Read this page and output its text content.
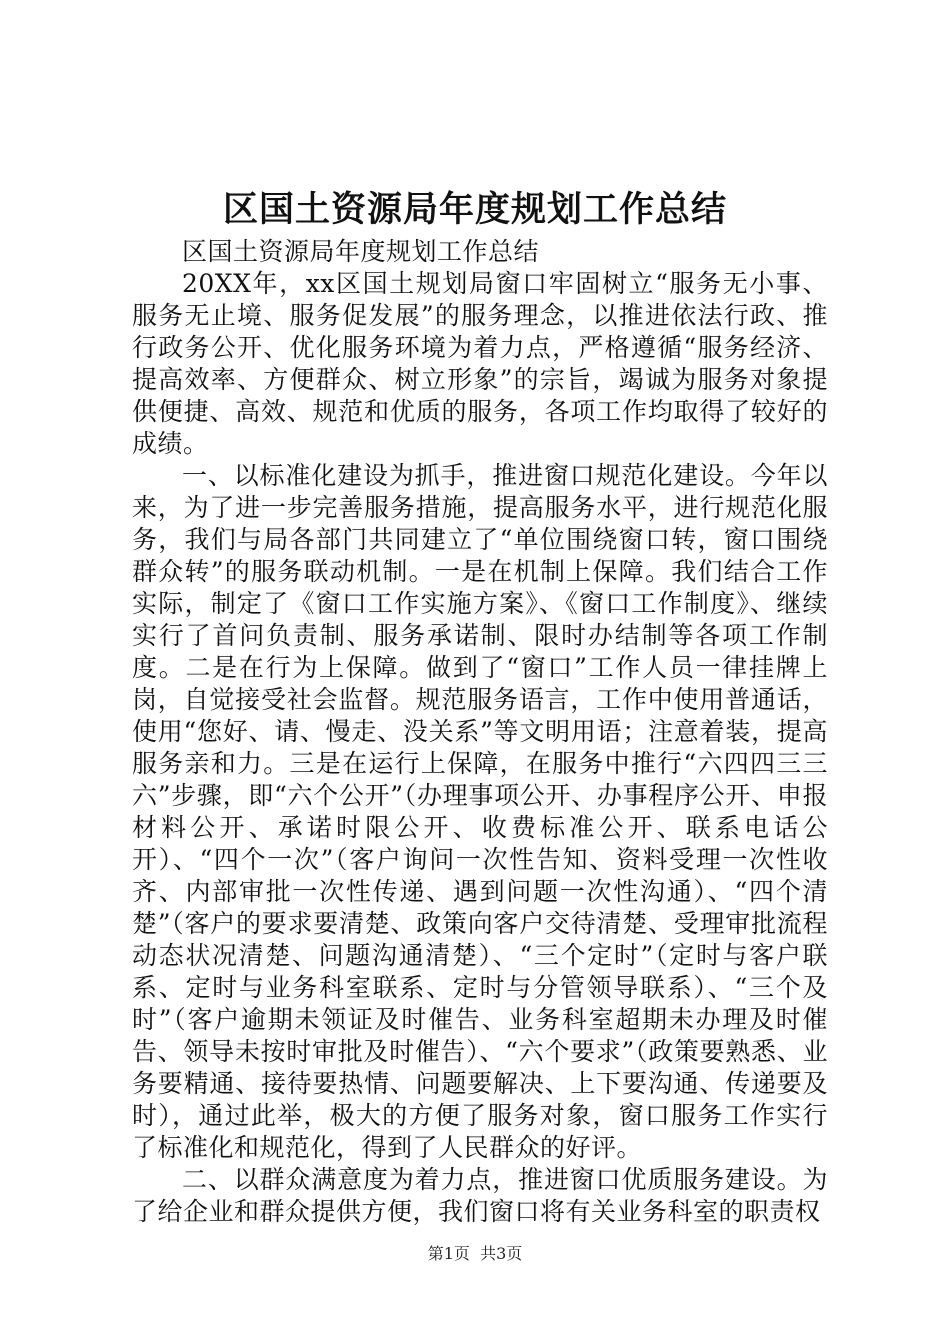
区国土资源局年度规划工作总结

区国土资源局年度规划工作总结

20XX年，xx区国土规划局窗口牢固树立“服务无小事、服务无止境、服务促发展”的服务理念，以推进依法行政、推行政务公开、优化服务环境为着力点，严格遵循“服务经济、提高效率、方便群众、树立形象”的宗旨，竭诚为服务对象提供便捷、高效、规范和优质的服务，各项工作均取得了较好的成绩。

一、以标准化建设为抓手，推进窗口规范化建设。今年以来，为了进一步完善服务措施，提高服务水平，进行规范化服务，我们与局各部门共同建立了“单位围绕窗口转，窗口围绕群众转”的服务联动机制。一是在机制上保障。我们结合工作实际，制定了《窗口工作实施方案》、《窗口工作制度》、继续实行了首问负责制、服务承诺制、限时办结制等各项工作制度。二是在行为上保障。做到了“窗口”工作人员一律挂牌上岗，自觉接受社会监督。规范服务语言，工作中使用普通话，使用“您好、请、慢走、没关系”等文明用语；注意着装，提高服务亲和力。三是在运行上保障，在服务中推行“六四四三三六”步骤，即“六个公开”（办理事项公开、办事程序公开、申报材料公开、承诺时限公开、收费标准公开、联系电话公开）、“四个一次”（客户询问一次性告知、资料受理一次性收齐、内部审批一次性传递、遇到问题一次性沟通）、“四个清楚”（客户的要求要清楚、政策向客户交待清楚、受理审批流程动态状况清楚、问题沟通清楚）、“三个定时”（定时与客户联系、定时与业务科室联系、定时与分管领导联系）、“三个及时”（客户逾期未领证及时催告、业务科室超期未办理及时催告、领导未按时审批及时催告）、“六个要求”（政策要熟悉、业务要精通、接待要热情、问题要解决、上下要沟通、传递要及时），通过此举，极大的方便了服务对象，窗口服务工作实行了标准化和规范化，得到了人民群众的好评。

二、以群众满意度为着力点，推进窗口优质服务建设。为了给企业和群众提供方便，我们窗口将有关业务科室的职责权

第1页 共3页
